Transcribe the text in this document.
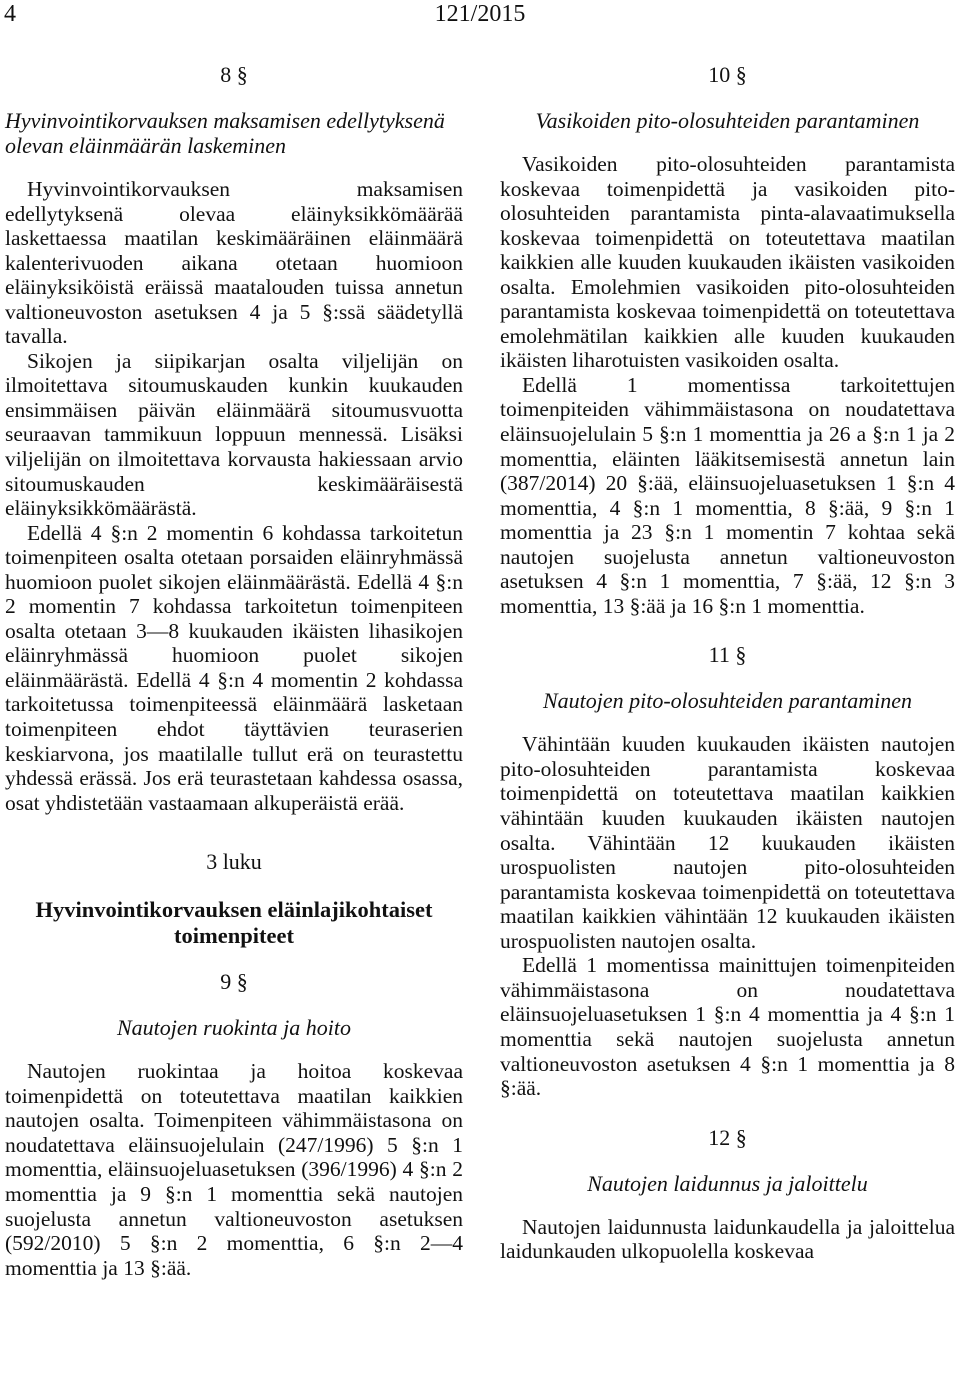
4	121/2015

8 §

Hyvinvointikorvauksen maksamisen edellytyksenä olevan eläinmäärän laskeminen

Hyvinvointikorvauksen maksamisen edellytyksenä olevaa eläinyksikkömäärää laskettaessa maatilan keskimääräinen eläinmäärä kalenterivuoden aikana otetaan huomioon eläinyksiköistä eräissä maatalouden tuissa annetun valtioneuvoston asetuksen 4 ja 5 §:ssä säädetyllä tavalla.

Sikojen ja siipikarjan osalta viljelijän on ilmoitettava sitoumuskauden kunkin kuukauden ensimmäisen päivän eläinmäärä sitoumusvuotta seuraavan tammikuun loppuun mennessä. Lisäksi viljelijän on ilmoitettava korvausta hakiessaan arvio sitoumuskauden keskimääräisestä eläinyksikkömäärästä.

Edellä 4 §:n 2 momentin 6 kohdassa tarkoitetun toimenpiteen osalta otetaan porsaiden eläinryhmässä huomioon puolet sikojen eläinmäärästä. Edellä 4 §:n 2 momentin 7 kohdassa tarkoitetun toimenpiteen osalta otetaan 3—8 kuukauden ikäisten lihasikojen eläinryhmässä huomioon puolet sikojen eläinmäärästä. Edellä 4 §:n 4 momentin 2 kohdassa tarkoitetussa toimenpiteessä eläinmäärä lasketaan toimenpiteen ehdot täyttävien teuraserien keskiarvona, jos maatilalle tullut erä on teurastettu yhdessä erässä. Jos erä teurastetaan kahdessa osassa, osat yhdistetään vastaamaan alkuperäistä erää.

3 luku

Hyvinvointikorvauksen eläinlajikohtaiset toimenpiteet

9 §

Nautojen ruokinta ja hoito

Nautojen ruokintaa ja hoitoa koskevaa toimenpidettä on toteutettava maatilan kaikkien nautojen osalta. Toimenpiteen vähimmäistasona on noudatettava eläinsuojelulain (247/1996) 5 §:n 1 momenttia, eläinsuojeluasetuksen (396/1996) 4 §:n 2 momenttia ja 9 §:n 1 momenttia sekä nautojen suojelusta annetun valtioneuvoston asetuksen (592/2010) 5 §:n 2 momenttia, 6 §:n 2—4 momenttia ja 13 §:ää.

10 §

Vasikoiden pito-olosuhteiden parantaminen

Vasikoiden pito-olosuhteiden parantamista koskevaa toimenpidettä ja vasikoiden pito-olosuhteiden parantamista pinta-alavaatimuksella koskevaa toimenpidettä on toteutettava maatilan kaikkien alle kuuden kuukauden ikäisten vasikoiden osalta. Emolehmien vasikoiden pito-olosuhteiden parantamista koskevaa toimenpidettä on toteutettava emolehmätilan kaikkien alle kuuden kuukauden ikäisten liharotuisten vasikoiden osalta.

Edellä 1 momentissa tarkoitettujen toimenpiteiden vähimmäistasona on noudatettava eläinsuojelulain 5 §:n 1 momenttia ja 26 a §:n 1 ja 2 momenttia, eläinten lääkitsemisestä annetun lain (387/2014) 20 §:ää, eläinsuojeluasetuksen 1 §:n 4 momenttia, 4 §:n 1 momenttia, 8 §:ää, 9 §:n 1 momenttia ja 23 §:n 1 momentin 7 kohtaa sekä nautojen suojelusta annetun valtioneuvoston asetuksen 4 §:n 1 momenttia, 7 §:ää, 12 §:n 3 momenttia, 13 §:ää ja 16 §:n 1 momenttia.

11 §

Nautojen pito-olosuhteiden parantaminen

Vähintään kuuden kuukauden ikäisten nautojen pito-olosuhteiden parantamista koskevaa toimenpidettä on toteutettava maatilan kaikkien vähintään kuuden kuukauden ikäisten nautojen osalta. Vähintään 12 kuukauden ikäisten urospuolisten nautojen pito-olosuhteiden parantamista koskevaa toimenpidettä on toteutettava maatilan kaikkien vähintään 12 kuukauden ikäisten urospuolisten nautojen osalta.

Edellä 1 momentissa mainittujen toimenpiteiden vähimmäistasona on noudatettava eläinsuojeluasetuksen 1 §:n 4 momenttia ja 4 §:n 1 momenttia sekä nautojen suojelusta annetun valtioneuvoston asetuksen 4 §:n 1 momenttia ja 8 §:ää.

12 §

Nautojen laidunnus ja jaloittelu

Nautojen laidunnusta laidunkaudella ja jaloittelua laidunkauden ulkopuolella koskevaa
